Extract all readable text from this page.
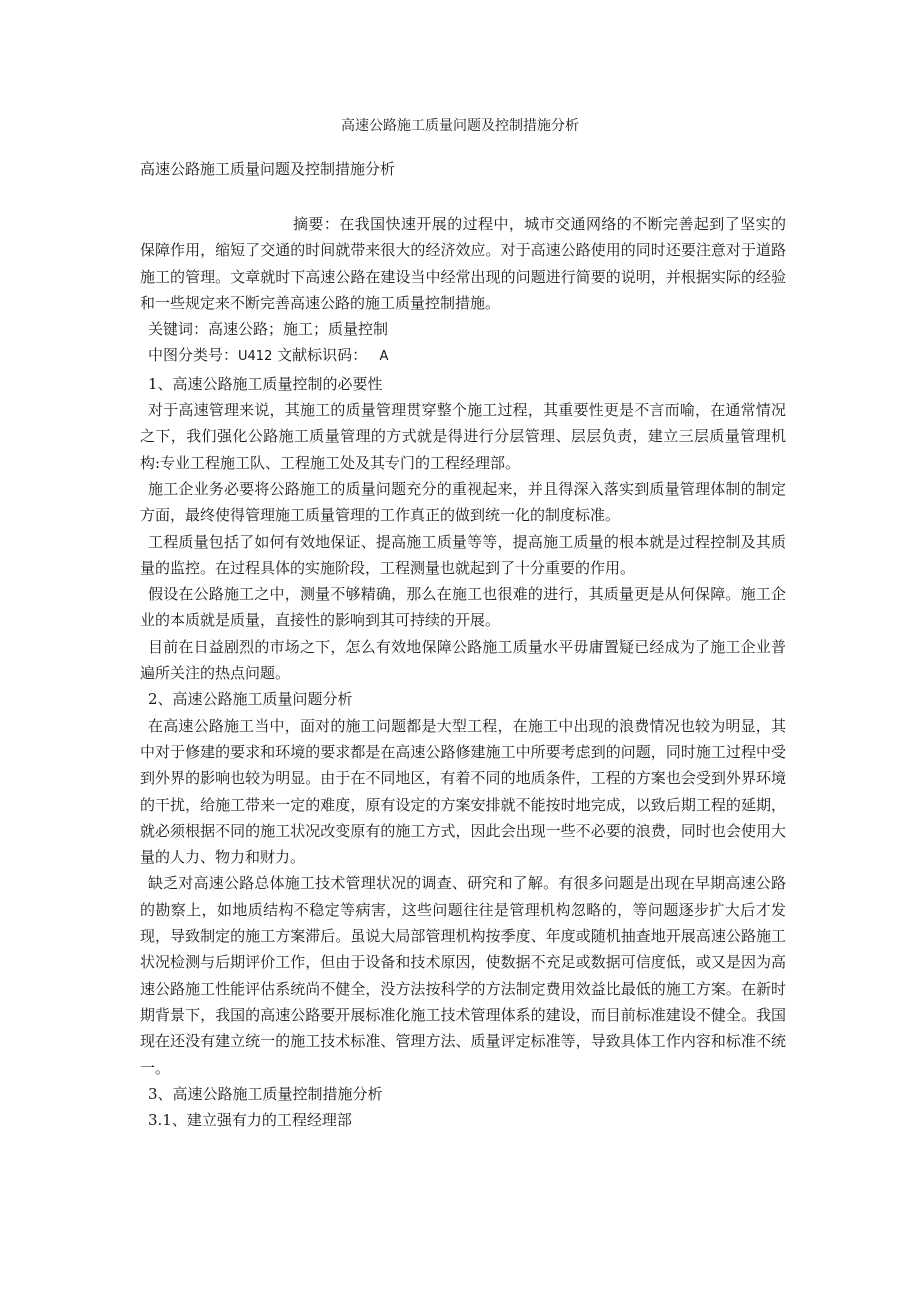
高速公路施工质量问题及控制措施分析
高速公路施工质量问题及控制措施分析

摘要：在我国快速开展的过程中，城市交通网络的不断完善起到了坚实的保障作用，缩短了交通的时间就带来很大的经济效应。对于高速公路使用的同时还要注意对于道路施工的管理。文章就时下高速公路在建设当中经常出现的问题进行简要的说明，并根据实际的经验和一些规定来不断完善高速公路的施工质量控制措施。

关键词：高速公路；施工；质量控制

中图分类号：U412 文献标识码：   A

1、高速公路施工质量控制的必要性

对于高速管理来说，其施工的质量管理贯穿整个施工过程，其重要性更是不言而喻，在通常情况之下，我们强化公路施工质量管理的方式就是得进行分层管理、层层负责，建立三层质量管理机构:专业工程施工队、工程施工处及其专门的工程经理部。

施工企业务必要将公路施工的质量问题充分的重视起来，并且得深入落实到质量管理体制的制定方面，最终使得管理施工质量管理的工作真正的做到统一化的制度标准。

工程质量包括了如何有效地保证、提高施工质量等等，提高施工质量的根本就是过程控制及其质量的监控。在过程具体的实施阶段，工程测量也就起到了十分重要的作用。

假设在公路施工之中，测量不够精确，那么在施工也很难的进行，其质量更是从何保障。施工企业的本质就是质量，直接性的影响到其可持续的开展。

目前在日益剧烈的市场之下，怎么有效地保障公路施工质量水平毋庸置疑已经成为了施工企业普遍所关注的热点问题。

2、高速公路施工质量问题分析

在高速公路施工当中，面对的施工问题都是大型工程，在施工中出现的浪费情况也较为明显，其中对于修建的要求和环境的要求都是在高速公路修建施工中所要考虑到的问题，同时施工过程中受到外界的影响也较为明显。由于在不同地区，有着不同的地质条件，工程的方案也会受到外界环境的干扰，给施工带来一定的难度，原有设定的方案安排就不能按时地完成，以致后期工程的延期，就必须根据不同的施工状况改变原有的施工方式，因此会出现一些不必要的浪费，同时也会使用大量的人力、物力和财力。

缺乏对高速公路总体施工技术管理状况的调查、研究和了解。有很多问题是出现在早期高速公路的勘察上，如地质结构不稳定等病害，这些问题往往是管理机构忽略的，等问题逐步扩大后才发现，导致制定的施工方案滞后。虽说大局部管理机构按季度、年度或随机抽查地开展高速公路施工状况检测与后期评价工作，但由于设备和技术原因，使数据不充足或数据可信度低，或又是因为高速公路施工性能评估系统尚不健全，没方法按科学的方法制定费用效益比最低的施工方案。在新时期背景下，我国的高速公路要开展标准化施工技术管理体系的建设，而目前标准建设不健全。我国现在还没有建立统一的施工技术标准、管理方法、质量评定标准等，导致具体工作内容和标准不统一。

3、高速公路施工质量控制措施分析

3.1、建立强有力的工程经理部
